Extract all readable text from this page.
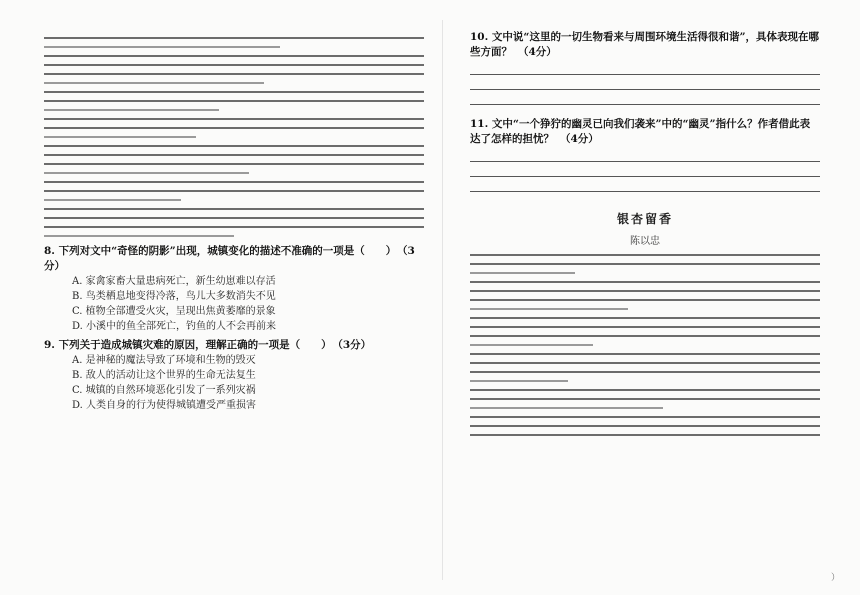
8. 下列对文中“奇怪的阴影”出现，城镇变化的描述不准确的一项是（　　） （3分）
A. 家禽家畜大量患病死亡，新生幼崽难以存活
B. 鸟类栖息地变得冷落，鸟儿大多数消失不见
C. 植物全部遭受火灾，呈现出焦黄萎靡的景象
D. 小溪中的鱼全部死亡，钓鱼的人不会再前来
9. 下列关于造成城镇灾难的原因，理解正确的一项是（　　） （3分）
A. 是神秘的魔法导致了环境和生物的毁灭
B. 敌人的活动让这个世界的生命无法复生
C. 城镇的自然环境恶化引发了一系列灾祸
D. 人类自身的行为使得城镇遭受严重损害
10. 文中说“这里的一切生物看来与周围环境生活得很和谐”，具体表现在哪些方面？ （4分）
11. 文中“一个狰狞的幽灵已向我们袭来”中的“幽灵”指什么？作者借此表达了怎样的担忧？ （4分）
银杏留香
陈以忠
）
